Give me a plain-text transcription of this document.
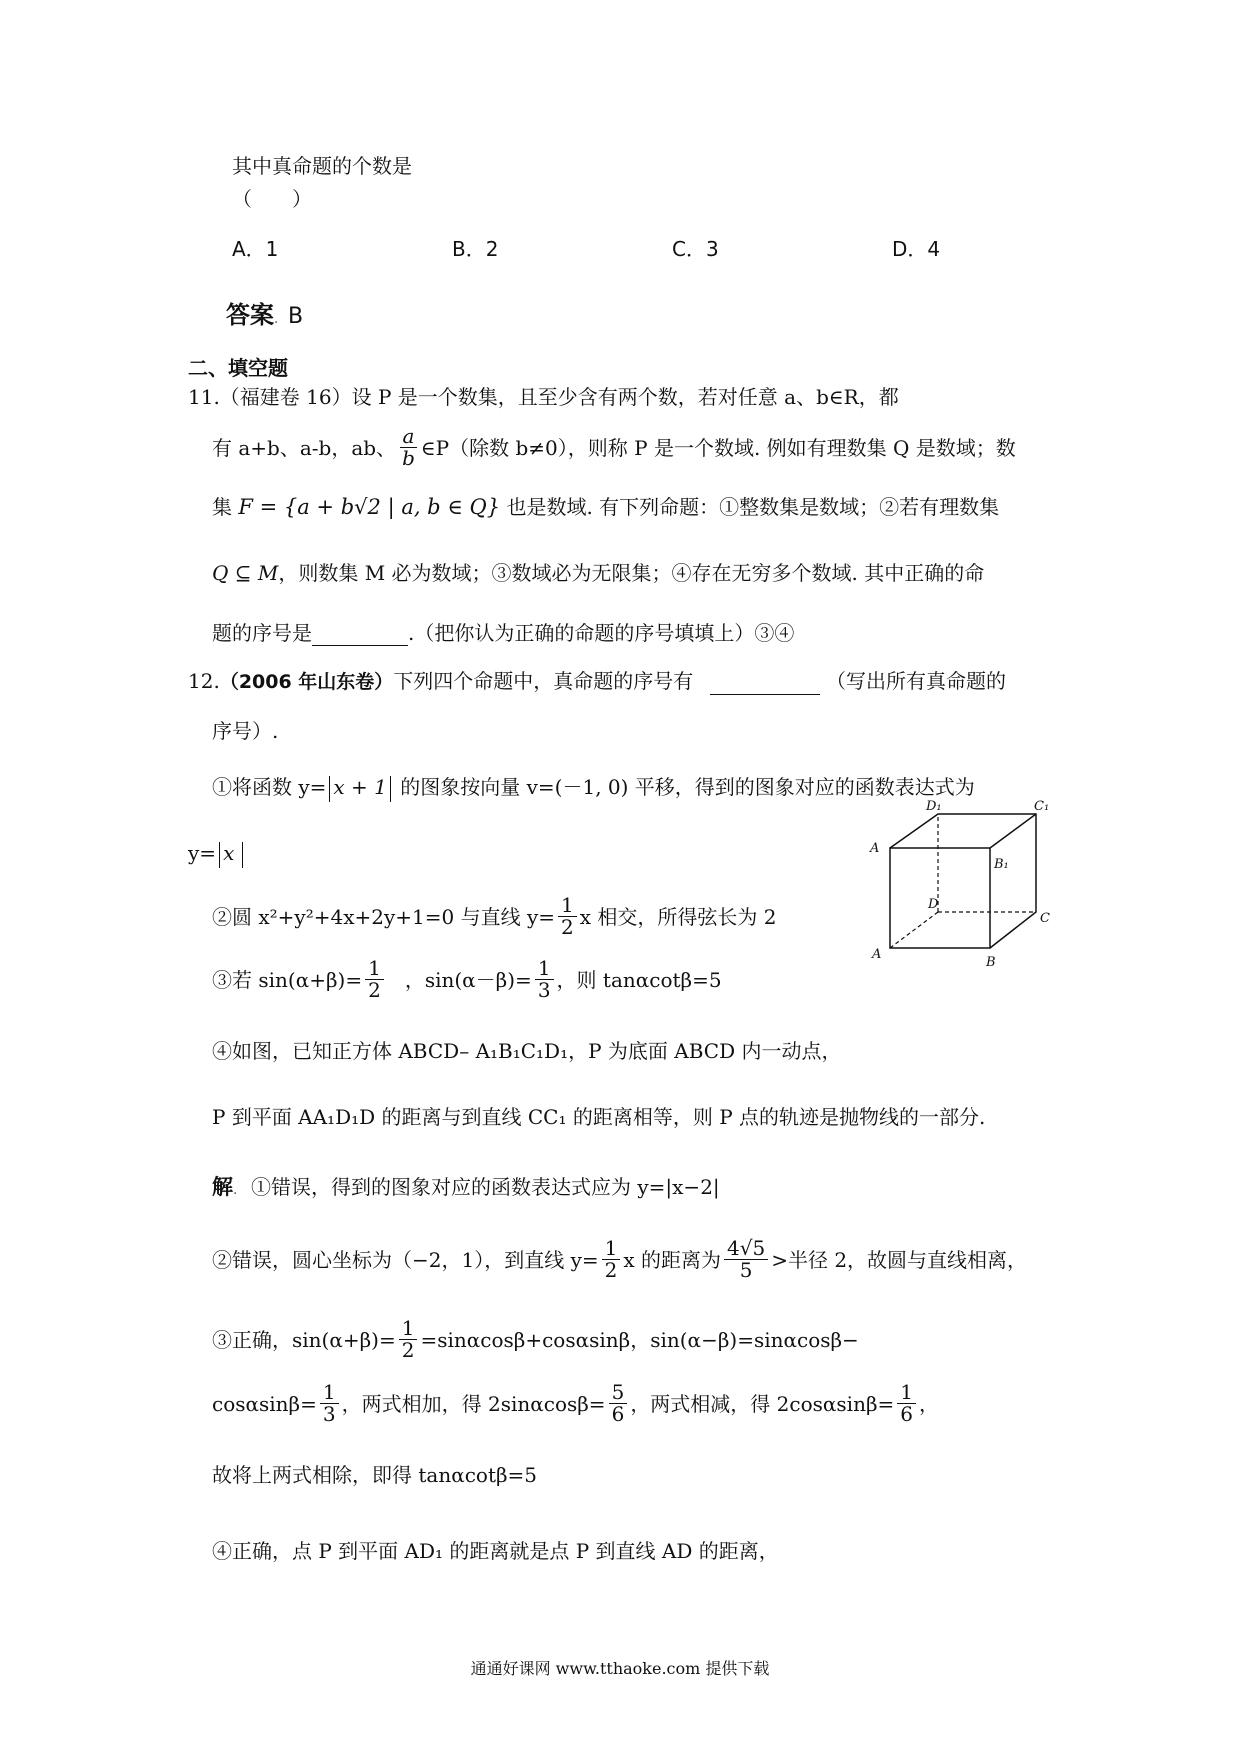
其中真命题的个数是
（　　）
A．1	B．2	C．3	D．4
答案．B
二、填空题
11.（福建卷 16）设 P 是一个数集，且至少含有两个数，若对任意 a、b∈R，都
有 a+b、a-b，ab、 $\frac{a}{b}$ ∈P（除数 b≠0），则称 P 是一个数域. 例如有理数集 Q 是数域；数
集 F = {a + b√2 | a, b ∈ Q} 也是数域. 有下列命题：①整数集是数域；②若有理数集
Q ⊆ M，则数集 M 必为数域；③数域必为无限集；④存在无穷多个数域. 其中正确的命
题的序号是	.（把你认为正确的命题的序号填填上）③④
12.（2006 年山东卷）下列四个命题中，真命题的序号有	（写出所有真命题的
序号）.
①将函数 y= x + 1 的图象按向量 v=(－1, 0) 平移，得到的图象对应的函数表达式为
y= x
②圆 x²+y²+4x+2y+1=0 与直线 $y= \frac{1}{2}$ x 相交，所得弦长为 2
③若 $\sin(\alpha+\beta)= \frac{1}{2}$ ，$\sin(\alpha-\beta)= \frac{1}{3}$ ，则 tanαcotβ=5
④如图，已知正方体 ABCD– A₁B₁C₁D₁，P 为底面 ABCD 内一动点，
P 到平面 AA₁D₁D 的距离与到直线 CC₁ 的距离相等，则 P 点的轨迹是抛物线的一部分.
D₁	C₁
A
B₁
D
C
A
B
解． ①错误，得到的图象对应的函数表达式应为 y=|x−2|
②错误，圆心坐标为（−2，1），到直线 $y= \frac{1}{2}$ x 的距离为 $\frac{4√5}{5}$ >半径 2，故圆与直线相离，
③正确，$\sin(\alpha+\beta)= \frac{1}{2} =\sin\alpha\cos\beta+\cos\alpha\sin\beta$，sin(α−β)=sinαcosβ−
$\cos\alpha\sin\beta= \frac{1}{3}$ ，两式相加，得 $2\sin\alpha\cos\beta= \frac{5}{6}$ ，两式相减，得 $2\cos\alpha\sin\beta= \frac{1}{6}$ ，
故将上两式相除，即得 tanαcotβ=5
④正确，点 P 到平面 AD₁ 的距离就是点 P 到直线 AD 的距离，
通通好课网 www.tthaoke.com 提供下载
